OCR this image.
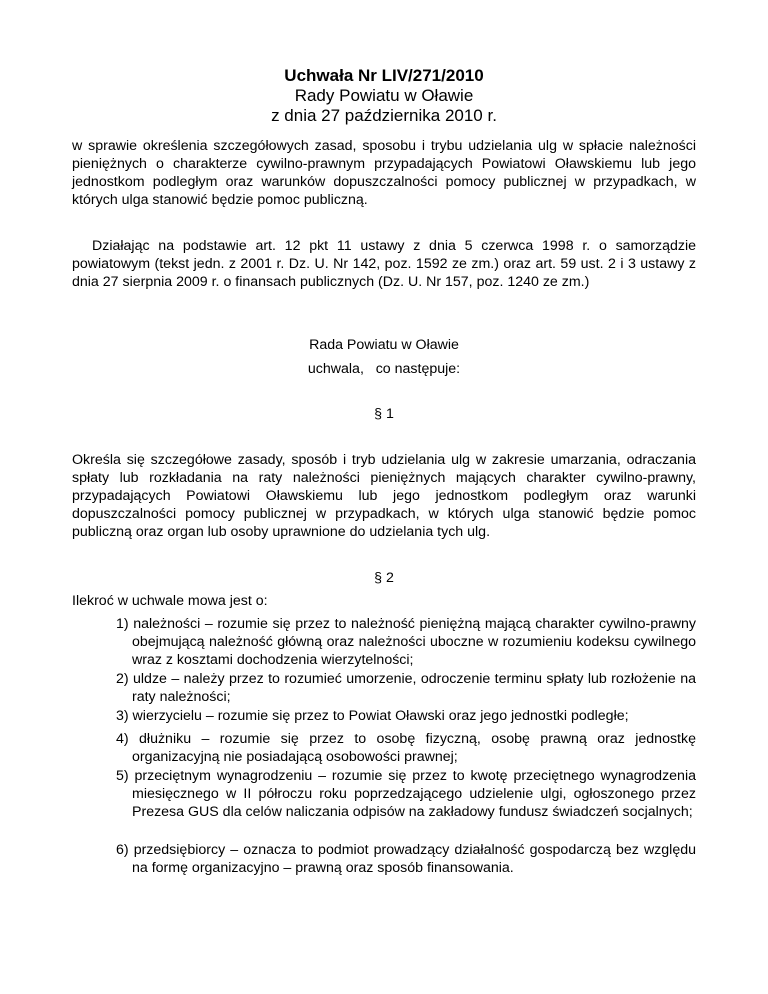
Uchwała Nr LIV/271/2010
Rady Powiatu w Oławie
z dnia 27 października 2010 r.
w sprawie określenia szczegółowych zasad, sposobu i trybu udzielania ulg w spłacie należności pieniężnych o charakterze cywilno-prawnym przypadających Powiatowi Oławskiemu lub jego jednostkom podległym oraz warunków dopuszczalności pomocy publicznej w przypadkach, w których ulga stanowić będzie pomoc publiczną.
Działając na podstawie art. 12 pkt 11 ustawy z dnia 5 czerwca 1998 r. o samorządzie powiatowym (tekst jedn. z 2001 r. Dz. U. Nr 142, poz. 1592 ze zm.) oraz art. 59 ust. 2 i 3 ustawy z dnia 27 sierpnia 2009 r. o finansach publicznych (Dz. U. Nr 157, poz. 1240 ze zm.)
Rada Powiatu w Oławie
uchwala,   co następuje:
§ 1
Określa się szczegółowe zasady, sposób i tryb udzielania ulg w zakresie umarzania, odraczania spłaty lub rozkładania na raty należności pieniężnych mających charakter cywilno-prawny, przypadających Powiatowi Oławskiemu lub jego jednostkom podległym oraz warunki dopuszczalności pomocy publicznej w przypadkach, w których ulga stanowić będzie pomoc publiczną oraz organ lub osoby uprawnione do udzielania tych ulg.
§ 2
Ilekroć w uchwale mowa jest o:
1) należności – rozumie się przez to należność pieniężną mającą charakter cywilno-prawny obejmującą należność główną oraz należności uboczne w rozumieniu kodeksu cywilnego wraz z kosztami dochodzenia wierzytelności;
2) uldze – należy przez to rozumieć umorzenie, odroczenie terminu spłaty lub rozłożenie na raty należności;
3) wierzycielu – rozumie się przez to Powiat Oławski oraz jego jednostki podległe;
4) dłużniku – rozumie się przez to osobę fizyczną, osobę prawną oraz jednostkę organizacyjną nie posiadającą osobowości prawnej;
5) przeciętnym wynagrodzeniu – rozumie się przez to kwotę przeciętnego wynagrodzenia miesięcznego w II półroczu roku poprzedzającego udzielenie ulgi, ogłoszonego przez Prezesa GUS dla celów naliczania odpisów na zakładowy fundusz świadczeń socjalnych;
6) przedsiębiorcy – oznacza to podmiot prowadzący działalność gospodarczą bez względu na formę organizacyjno – prawną oraz sposób finansowania.
